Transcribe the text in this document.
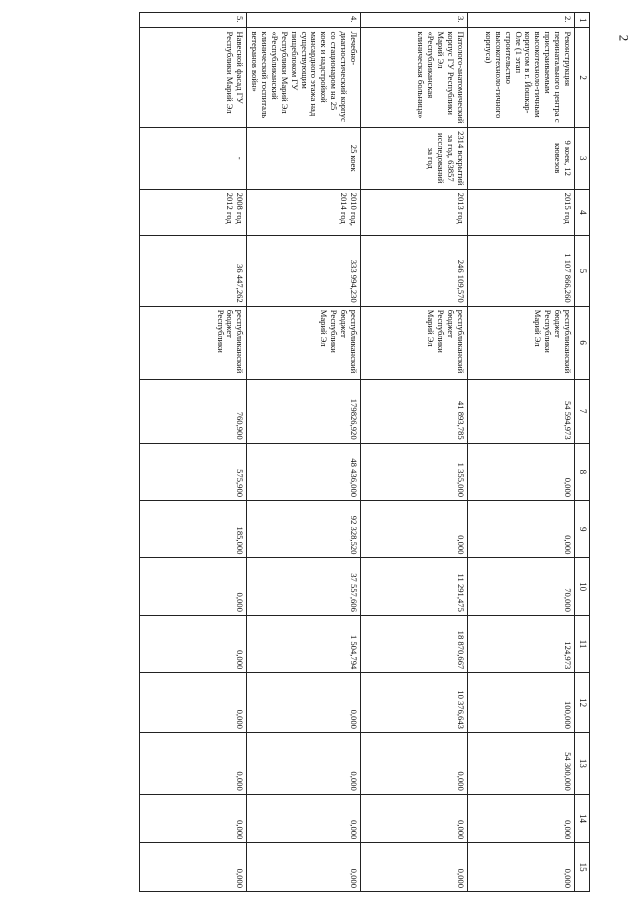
2
1	2	3	4	5	6	7	8	9	10	11	12	13	14	15
2.	Реконструкция перинатального центра с пристраиваемым высокотехноло-гичным корпусом в г. Йошкар-Оле (1 этап строительство высокотехноло-гичного корпуса)	9 коек, 12 кювезов	2015 год	1 107 866,260	республиканский бюджет Республики Марий Эл	54 594,973	0,000	0,000	70,000	124,973	100,000	54 300,000	0,000	0,000
3.	Патолого-анатомический корпус ГУ Республики Марий Эл «Республиканская клиническая больница»	2314 вскрытий за год, 63857 исследований за год	2013 год	246 109,570	республиканский бюджет Республики Марий Эл	41 893,785	1 355,000	0,000	11 291,475	18 870,667	10 376,643	0,000	0,000	0,000
4.	Лечебно-диагностический корпус со стационаром на 25 коек и надстройкой мансардного этажа над существующим пищеблоком ГУ Республики Марий Эл «Республиканский клинический госпиталь ветеранов войн»	25 коек	2010 год, 2014 год	333 994,230	республиканский бюджет Республики Марий Эл	179826,920	48 436,000	92 328,520	37 557,606	1 504,794	0,000	0,000	0,000	0,000
5.	Навесной фасад ГУ Республики Марий Эл	-	2008 год 2012 год	36 447,262	республиканский бюджет Республики	760,900	575,900	185,000	0,000	0,000	0,000	0,000	0,000	0,000
